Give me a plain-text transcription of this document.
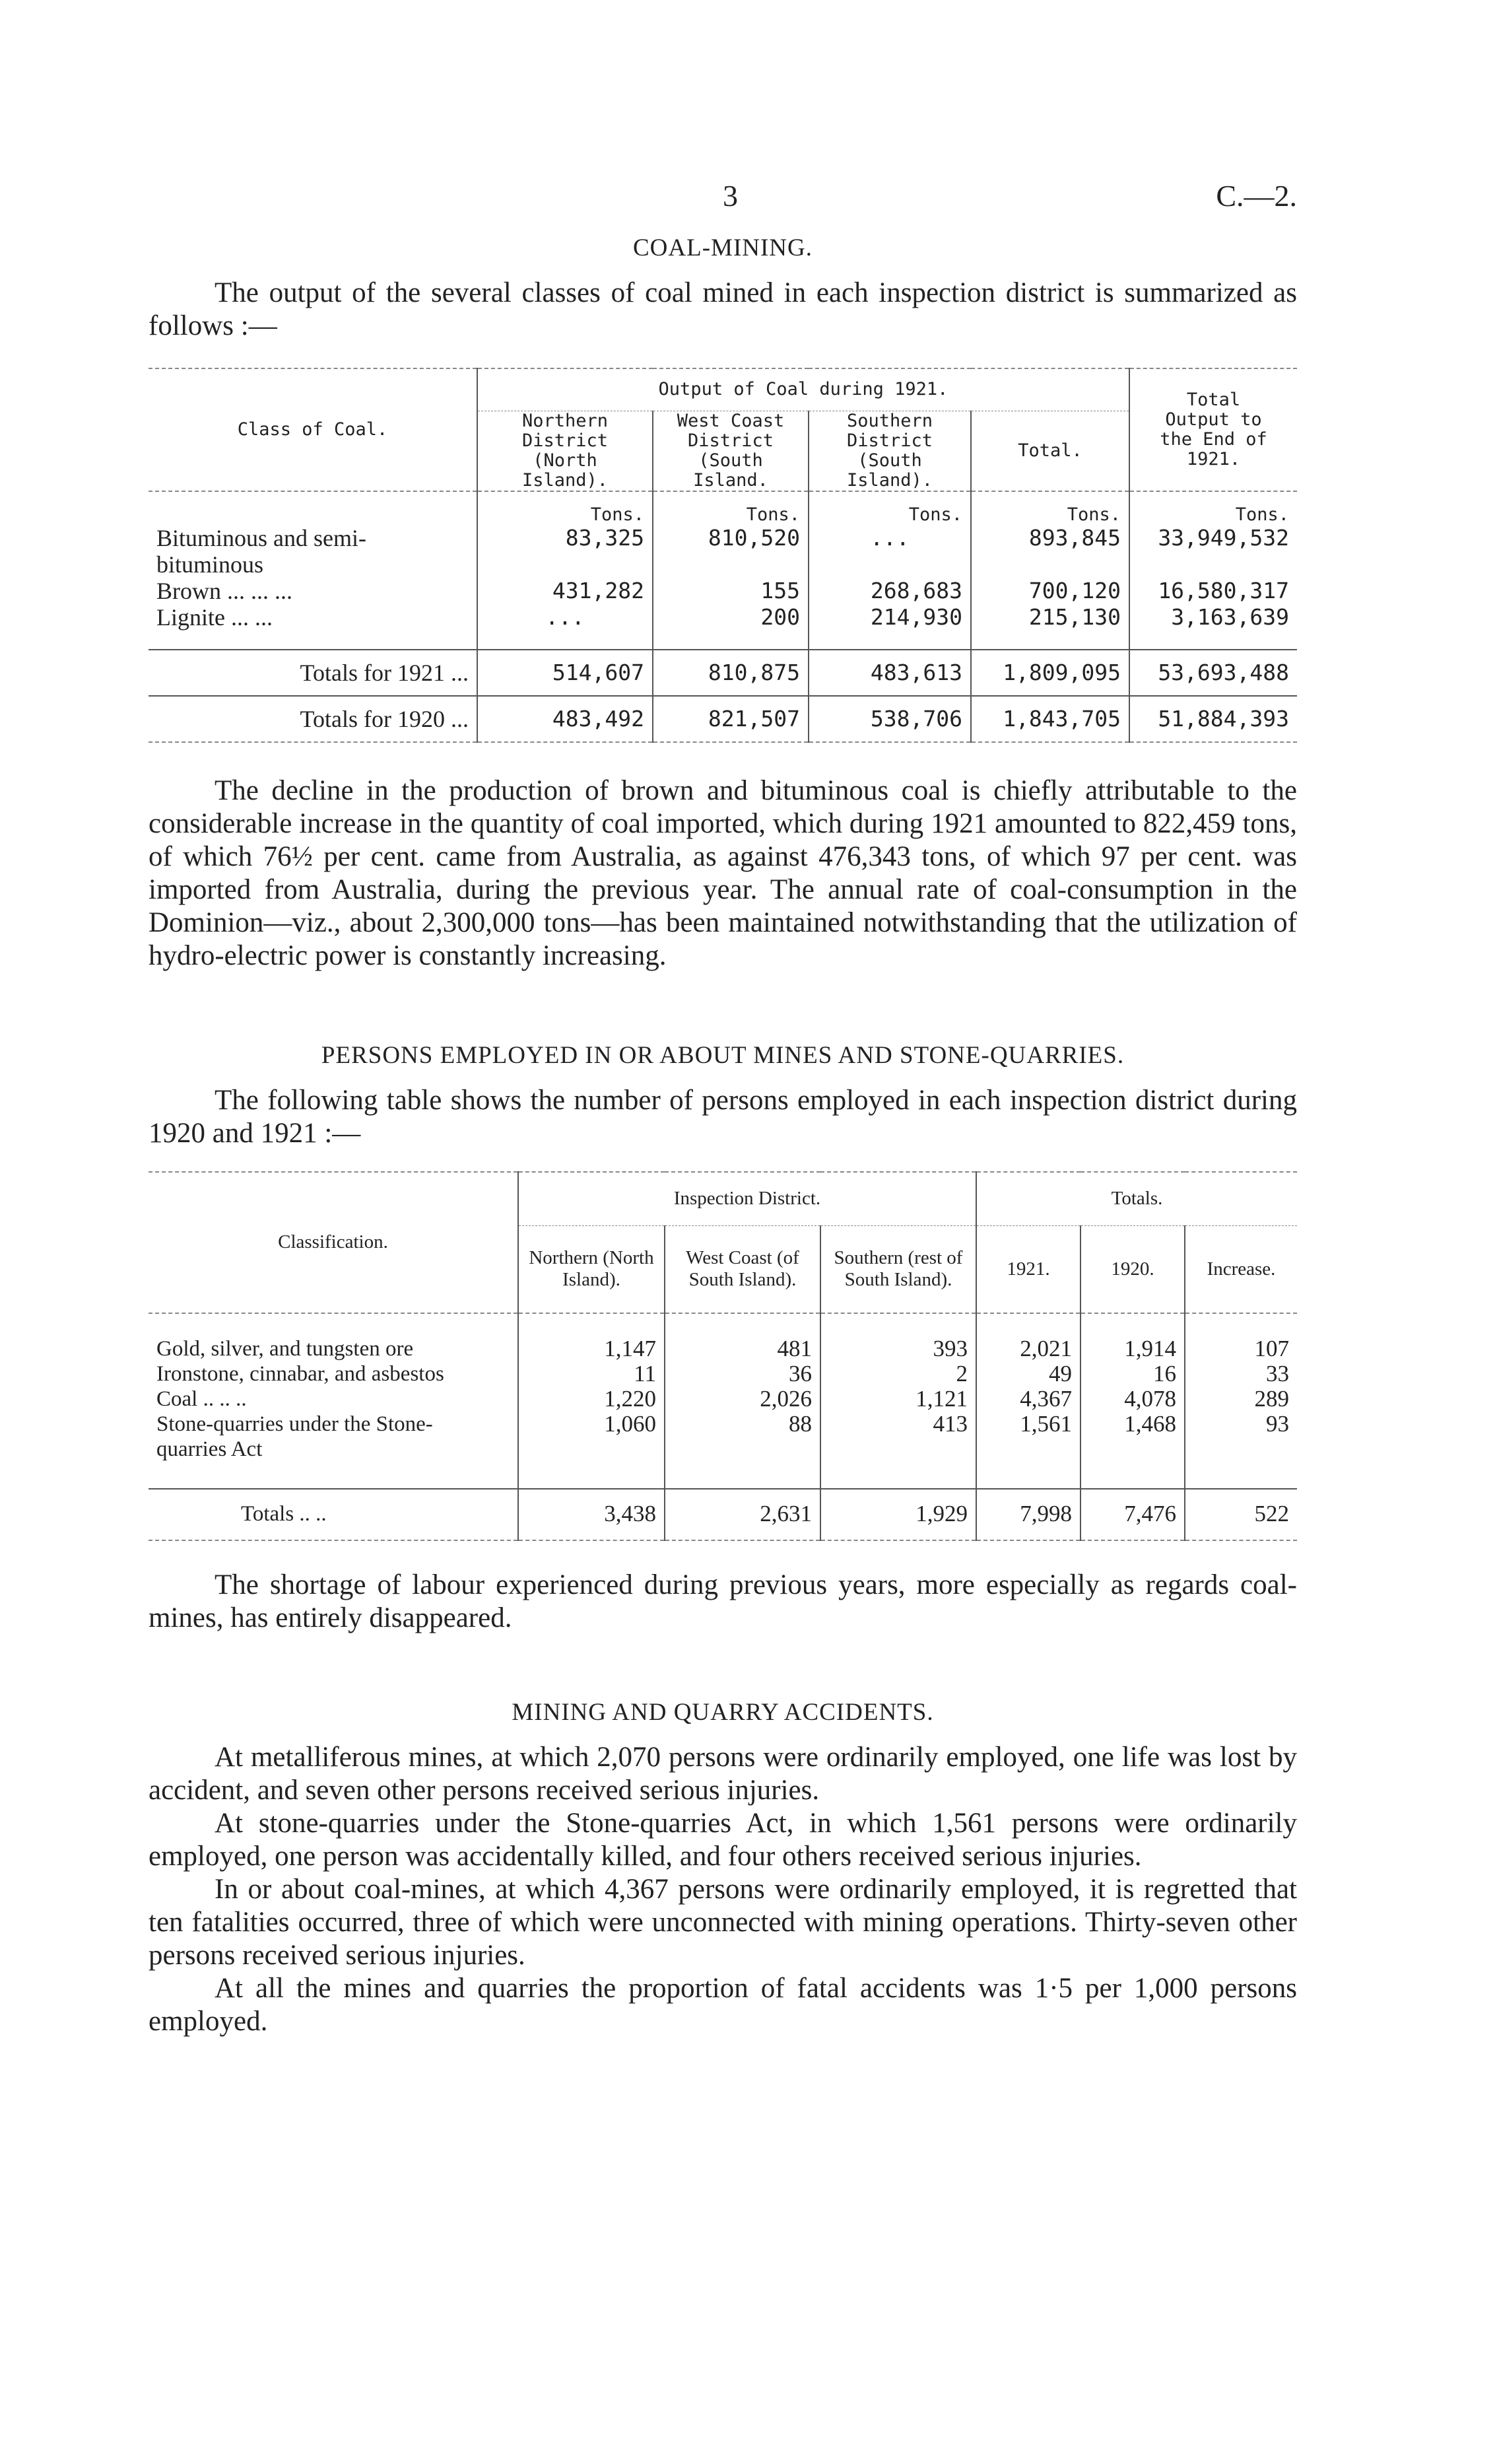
3	C.—2.
COAL-MINING.

The output of the several classes of coal mined in each inspection district is summarized as follows :—

Class of Coal.	Output of Coal during 1921.				Total Output to the End of 1921.
	Northern District (North Island).	West Coast District (South Island.	Southern District (South Island).	Total.	
	Tons.	Tons.	Tons.	Tons.	Tons.
Bituminous and semi-bituminous	83,325	810,520	...	893,845	33,949,532
Brown ... ... ...	431,282	155	268,683	700,120	16,580,317
Lignite ... ...	...	200	214,930	215,130	3,163,639
Totals for 1921 ...	514,607	810,875	483,613	1,809,095	53,693,488
Totals for 1920 ...	483,492	821,507	538,706	1,843,705	51,884,393

The decline in the production of brown and bituminous coal is chiefly attributable to the considerable increase in the quantity of coal imported, which during 1921 amounted to 822,459 tons, of which 76½ per cent. came from Australia, as against 476,343 tons, of which 97 per cent. was imported from Australia, during the previous year. The annual rate of coal-consumption in the Dominion—viz., about 2,300,000 tons—has been maintained notwithstanding that the utilization of hydro-electric power is constantly increasing.

PERSONS EMPLOYED IN OR ABOUT MINES AND STONE-QUARRIES.

The following table shows the number of persons employed in each inspection district during 1920 and 1921 :—

Classification.	Inspection District.			Totals.		
	Northern (North Island).	West Coast (of South Island).	Southern (rest of South Island).	1921.	1920.	Increase.
Gold, silver, and tungsten ore	1,147	481	393	2,021	1,914	107
Ironstone, cinnabar, and asbestos	11	36	2	49	16	33
Coal .. .. ..	1,220	2,026	1,121	4,367	4,078	289
Stone-quarries under the Stone-quarries Act	1,060	88	413	1,561	1,468	93
Totals .. ..	3,438	2,631	1,929	7,998	7,476	522

The shortage of labour experienced during previous years, more especially as regards coal-mines, has entirely disappeared.

MINING AND QUARRY ACCIDENTS.

At metalliferous mines, at which 2,070 persons were ordinarily employed, one life was lost by accident, and seven other persons received serious injuries.

At stone-quarries under the Stone-quarries Act, in which 1,561 persons were ordinarily employed, one person was accidentally killed, and four others received serious injuries.

In or about coal-mines, at which 4,367 persons were ordinarily employed, it is regretted that ten fatalities occurred, three of which were unconnected with mining operations. Thirty-seven other persons received serious injuries.

At all the mines and quarries the proportion of fatal accidents was 1·5 per 1,000 persons employed.
